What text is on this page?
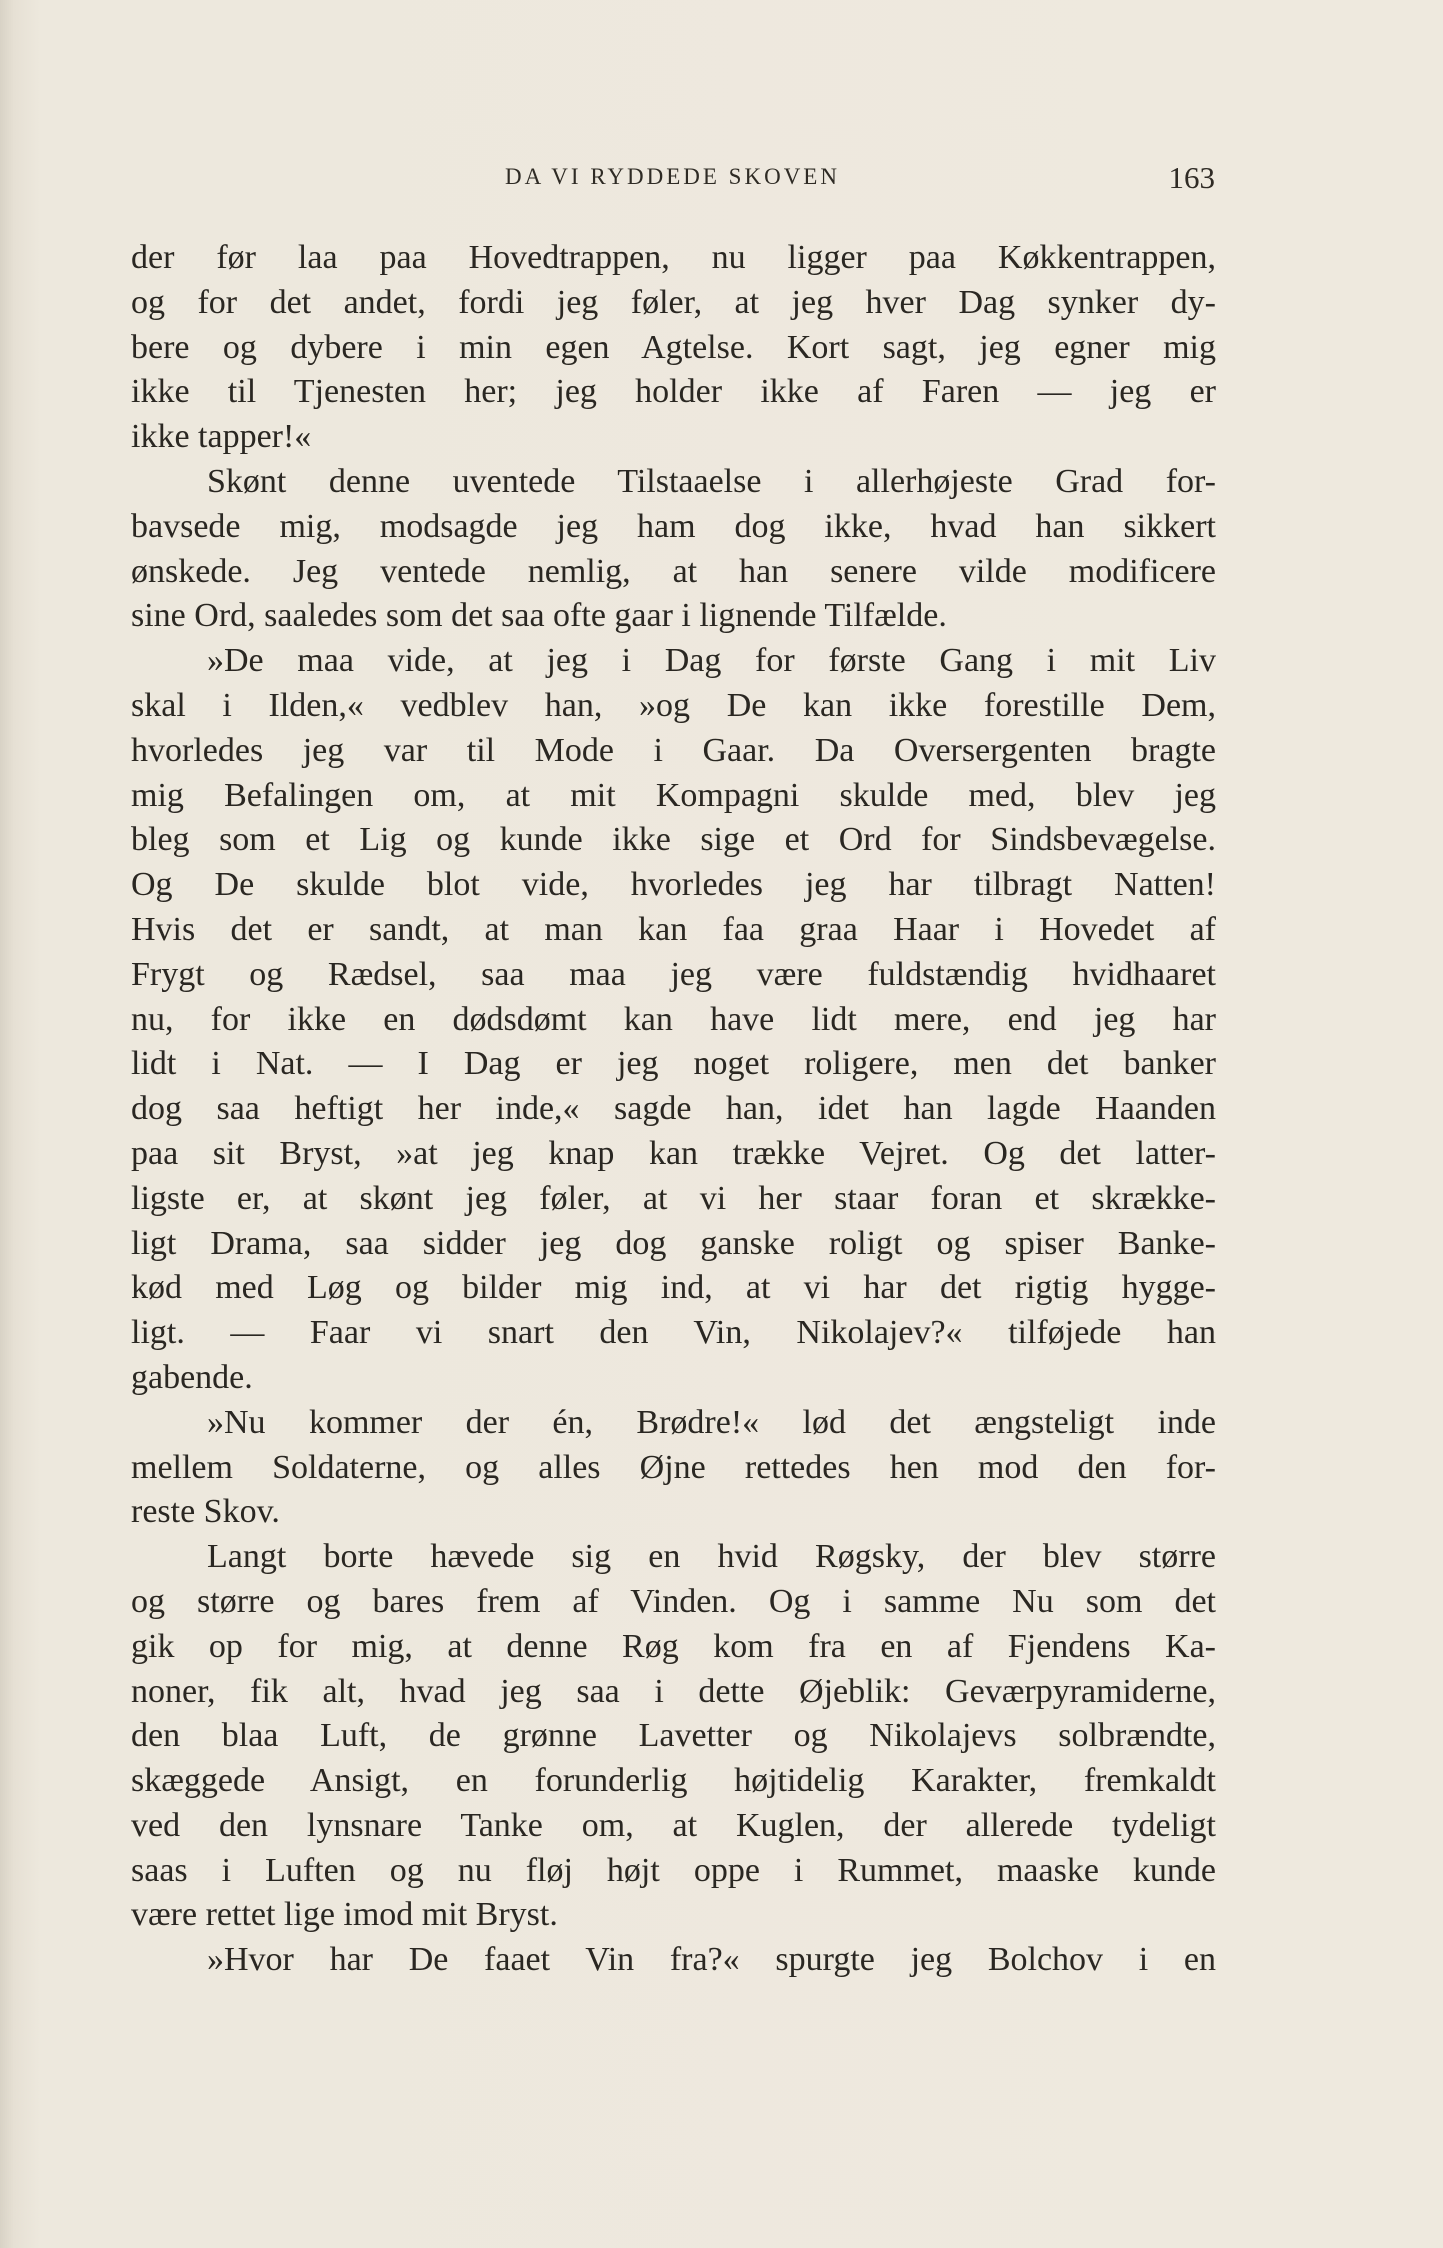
DA VI RYDDEDE SKOVEN	163
der før laa paa Hovedtrappen, nu ligger paa Køkkentrappen,
og for det andet, fordi jeg føler, at jeg hver Dag synker dy-
bere og dybere i min egen Agtelse. Kort sagt, jeg egner mig
ikke til Tjenesten her; jeg holder ikke af Faren — jeg er
ikke tapper!«
Skønt denne uventede Tilstaaelse i allerhøjeste Grad for-
bavsede mig, modsagde jeg ham dog ikke, hvad han sikkert
ønskede. Jeg ventede nemlig, at han senere vilde modificere
sine Ord, saaledes som det saa ofte gaar i lignende Tilfælde.
»De maa vide, at jeg i Dag for første Gang i mit Liv
skal i Ilden,« vedblev han, »og De kan ikke forestille Dem,
hvorledes jeg var til Mode i Gaar. Da Oversergenten bragte
mig Befalingen om, at mit Kompagni skulde med, blev jeg
bleg som et Lig og kunde ikke sige et Ord for Sindsbevægelse.
Og De skulde blot vide, hvorledes jeg har tilbragt Natten!
Hvis det er sandt, at man kan faa graa Haar i Hovedet af
Frygt og Rædsel, saa maa jeg være fuldstændig hvidhaaret
nu, for ikke en dødsdømt kan have lidt mere, end jeg har
lidt i Nat. — I Dag er jeg noget roligere, men det banker
dog saa heftigt her inde,« sagde han, idet han lagde Haanden
paa sit Bryst, »at jeg knap kan trække Vejret. Og det latter-
ligste er, at skønt jeg føler, at vi her staar foran et skrække-
ligt Drama, saa sidder jeg dog ganske roligt og spiser Banke-
kød med Løg og bilder mig ind, at vi har det rigtig hygge-
ligt. — Faar vi snart den Vin, Nikolajev?« tilføjede han
gabende.
»Nu kommer der én, Brødre!« lød det ængsteligt inde
mellem Soldaterne, og alles Øjne rettedes hen mod den for-
reste Skov.
Langt borte hævede sig en hvid Røgsky, der blev større
og større og bares frem af Vinden. Og i samme Nu som det
gik op for mig, at denne Røg kom fra en af Fjendens Ka-
noner, fik alt, hvad jeg saa i dette Øjeblik: Geværpyramiderne,
den blaa Luft, de grønne Lavetter og Nikolajevs solbrændte,
skæggede Ansigt, en forunderlig højtidelig Karakter, fremkaldt
ved den lynsnare Tanke om, at Kuglen, der allerede tydeligt
saas i Luften og nu fløj højt oppe i Rummet, maaske kunde
være rettet lige imod mit Bryst.
»Hvor har De faaet Vin fra?« spurgte jeg Bolchov i en
